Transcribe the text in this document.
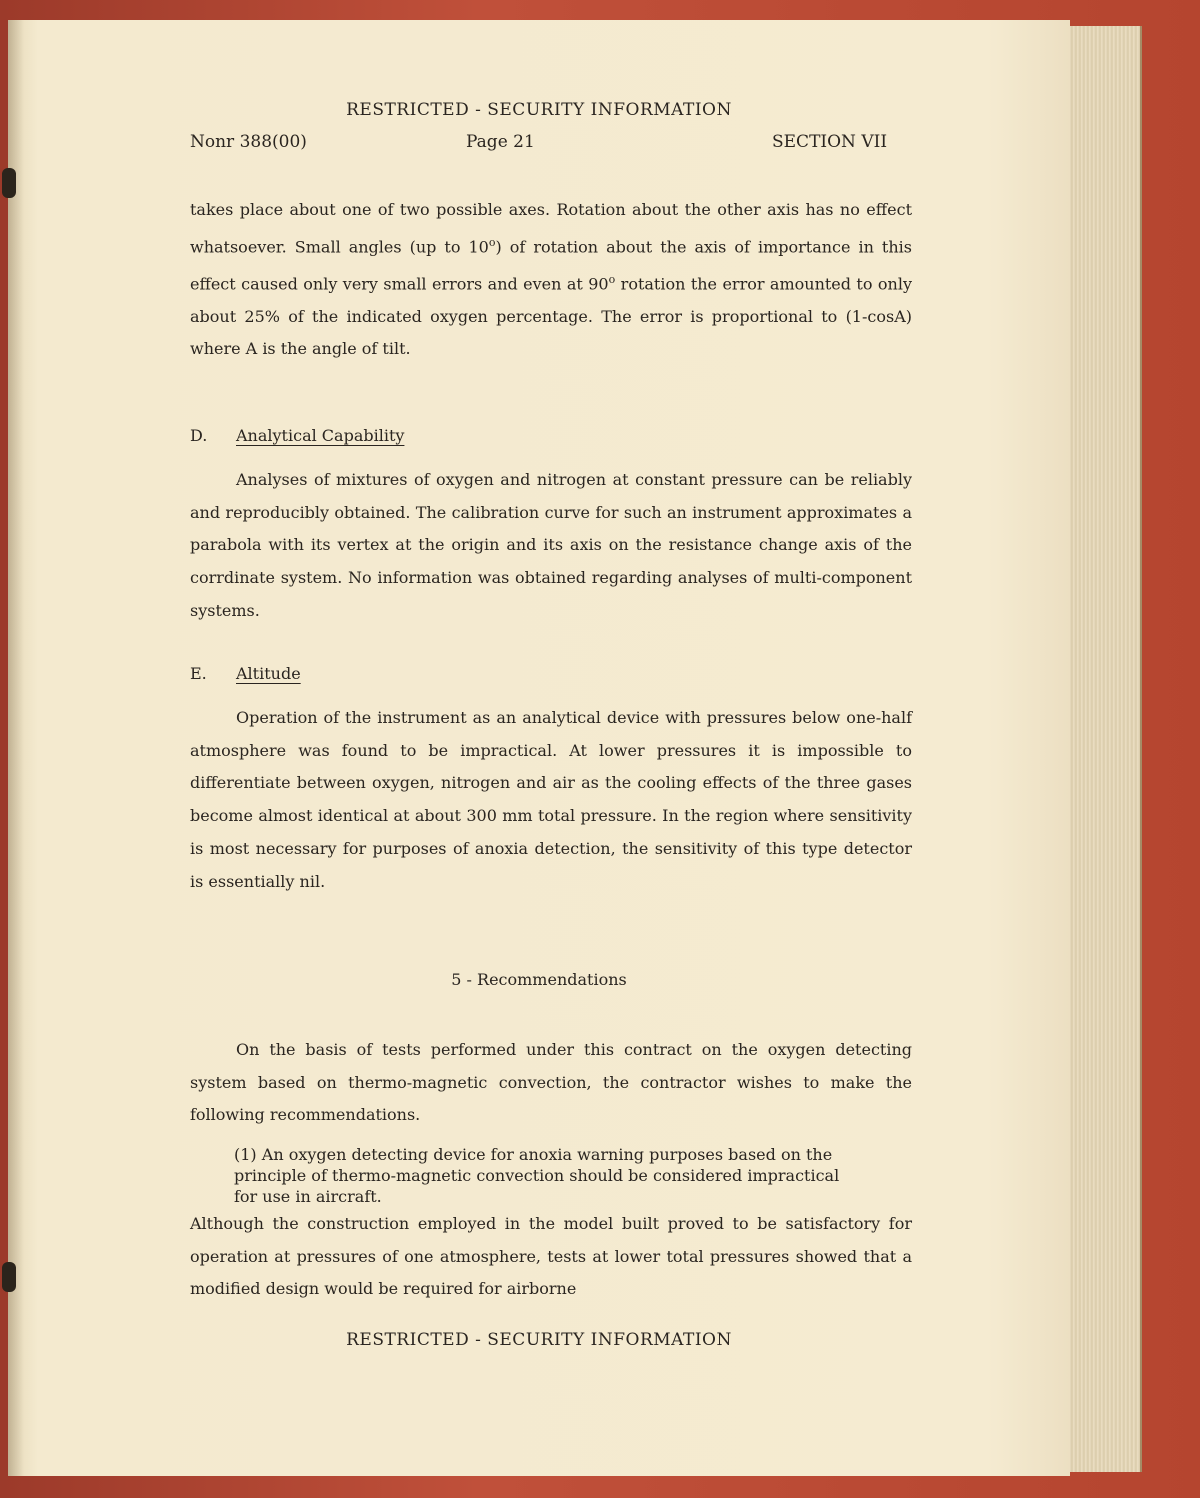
RESTRICTED - SECURITY INFORMATION
Nonr 388(00)	Page 21	SECTION VII
takes place about one of two possible axes. Rotation about the other axis has no effect whatsoever. Small angles (up to 10$^o$) of rotation about the axis of importance in this effect caused only very small errors and even at 90$^o$ rotation the error amounted to only about 25% of the indicated oxygen percentage. The error is proportional to (1-cosA) where A is the angle of tilt.
D. Analytical Capability
Analyses of mixtures of oxygen and nitrogen at constant pressure can be reliably and reproducibly obtained. The calibration curve for such an instrument approximates a parabola with its vertex at the origin and its axis on the resistance change axis of the corrdinate system. No information was obtained regarding analyses of multi-component systems.
E. Altitude
Operation of the instrument as an analytical device with pressures below one-half atmosphere was found to be impractical. At lower pressures it is impossible to differentiate between oxygen, nitrogen and air as the cooling effects of the three gases become almost identical at about 300 mm total pressure. In the region where sensitivity is most necessary for purposes of anoxia detection, the sensitivity of this type detector is essentially nil.
5 - Recommendations
On the basis of tests performed under this contract on the oxygen detecting system based on thermo-magnetic convection, the contractor wishes to make the following recommendations.
(1) An oxygen detecting device for anoxia warning purposes based on the principle of thermo-magnetic convection should be considered impractical for use in aircraft.
Although the construction employed in the model built proved to be satisfactory for operation at pressures of one atmosphere, tests at lower total pressures showed that a modified design would be required for airborne
RESTRICTED - SECURITY INFORMATION
